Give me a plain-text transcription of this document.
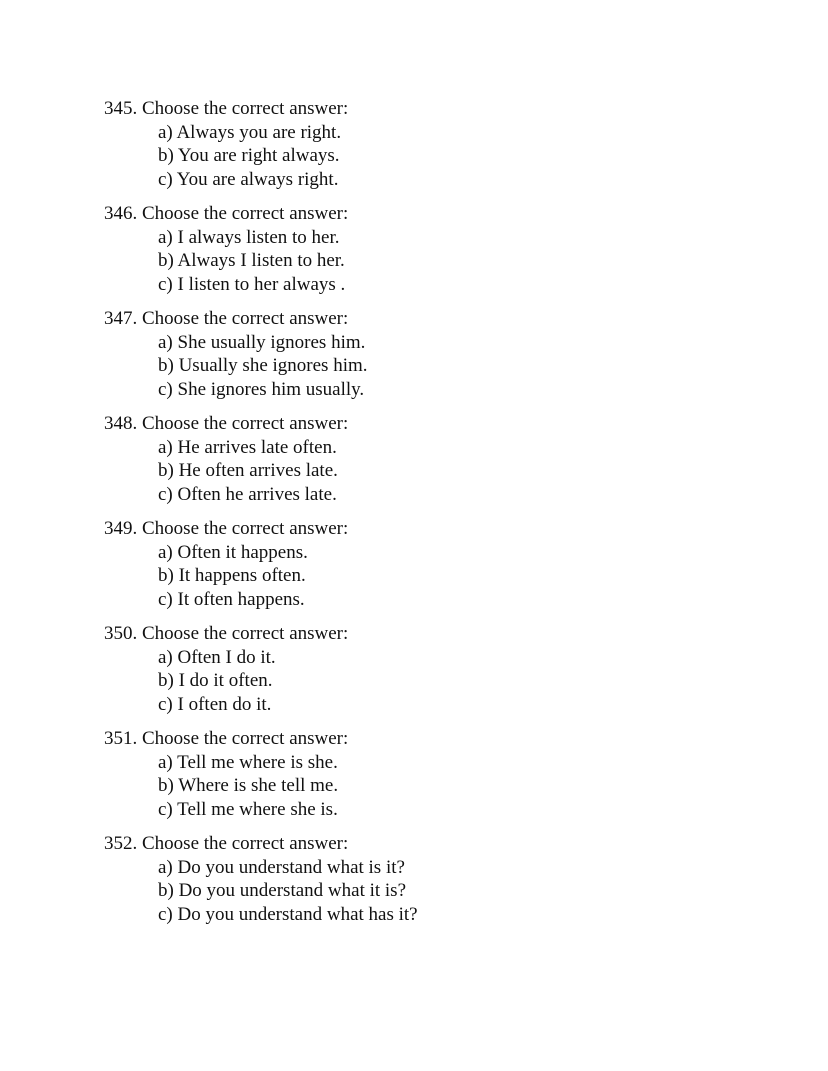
345. Choose the correct answer:
a) Always you are right.
b) You are right always.
c) You are always right.
346. Choose the correct answer:
a) I always listen to her.
b) Always I listen to her.
c) I listen to her always .
347. Choose the correct answer:
a) She usually ignores him.
b) Usually she ignores him.
c) She ignores him usually.
348. Choose the correct answer:
a) He arrives late often.
b) He often arrives late.
c) Often he arrives late.
349. Choose the correct answer:
a) Often it happens.
b) It happens often.
c) It often happens.
350. Choose the correct answer:
a) Often I do it.
b) I do it often.
c) I often do it.
351. Choose the correct answer:
a) Tell me where is she.
b) Where is she tell me.
c) Tell me where she is.
352. Choose the correct answer:
a) Do you understand what is it?
b) Do you understand what it is?
c) Do you understand what has it?
